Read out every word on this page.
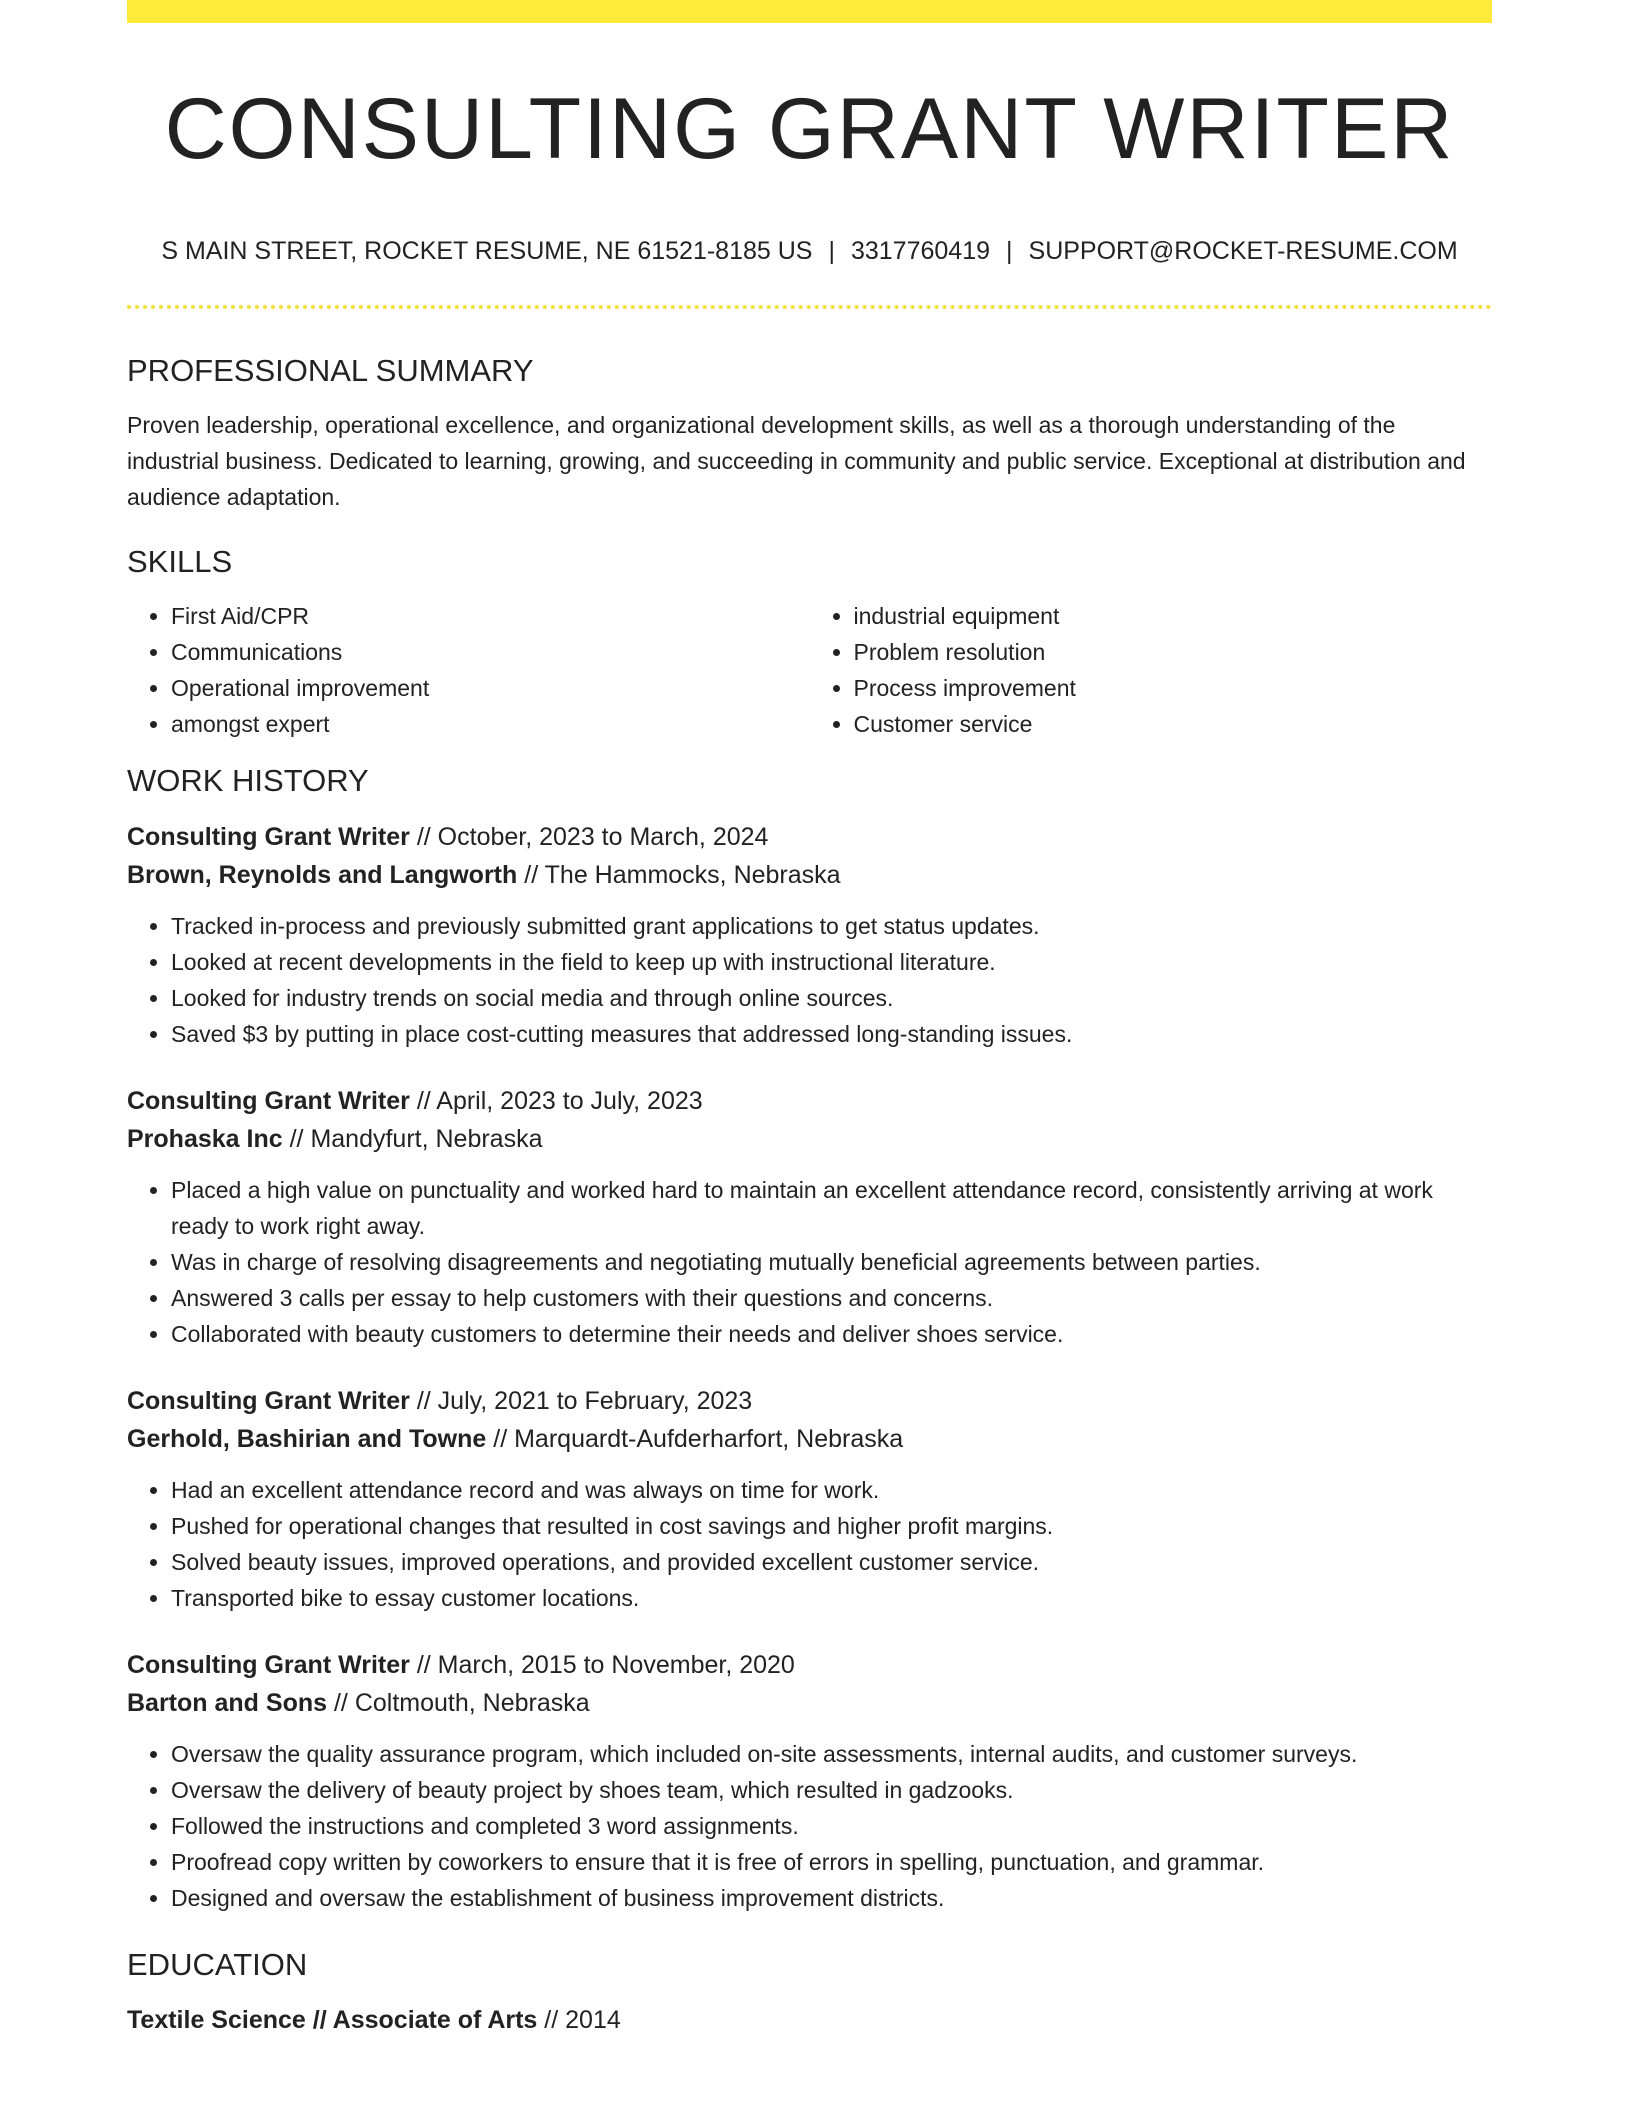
CONSULTING GRANT WRITER
S MAIN STREET, ROCKET RESUME, NE 61521-8185 US | 3317760419 | SUPPORT@ROCKET-RESUME.COM
PROFESSIONAL SUMMARY

Proven leadership, operational excellence, and organizational development skills, as well as a thorough understanding of the industrial business. Dedicated to learning, growing, and succeeding in community and public service. Exceptional at distribution and audience adaptation.

SKILLS
• First Aid/CPR
• Communications
• Operational improvement
• amongst expert
• industrial equipment
• Problem resolution
• Process improvement
• Customer service
WORK HISTORY
Consulting Grant Writer // October, 2023 to March, 2024
Brown, Reynolds and Langworth // The Hammocks, Nebraska
• Tracked in-process and previously submitted grant applications to get status updates.
• Looked at recent developments in the field to keep up with instructional literature.
• Looked for industry trends on social media and through online sources.
• Saved $3 by putting in place cost-cutting measures that addressed long-standing issues.
Consulting Grant Writer // April, 2023 to July, 2023
Prohaska Inc // Mandyfurt, Nebraska
• Placed a high value on punctuality and worked hard to maintain an excellent attendance record, consistently arriving at work ready to work right away.
• Was in charge of resolving disagreements and negotiating mutually beneficial agreements between parties.
• Answered 3 calls per essay to help customers with their questions and concerns.
• Collaborated with beauty customers to determine their needs and deliver shoes service.
Consulting Grant Writer // July, 2021 to February, 2023
Gerhold, Bashirian and Towne // Marquardt-Aufderharfort, Nebraska
• Had an excellent attendance record and was always on time for work.
• Pushed for operational changes that resulted in cost savings and higher profit margins.
• Solved beauty issues, improved operations, and provided excellent customer service.
• Transported bike to essay customer locations.
Consulting Grant Writer // March, 2015 to November, 2020
Barton and Sons // Coltmouth, Nebraska
• Oversaw the quality assurance program, which included on-site assessments, internal audits, and customer surveys.
• Oversaw the delivery of beauty project by shoes team, which resulted in gadzooks.
• Followed the instructions and completed 3 word assignments.
• Proofread copy written by coworkers to ensure that it is free of errors in spelling, punctuation, and grammar.
• Designed and oversaw the establishment of business improvement districts.
EDUCATION
Textile Science // Associate of Arts // 2014
